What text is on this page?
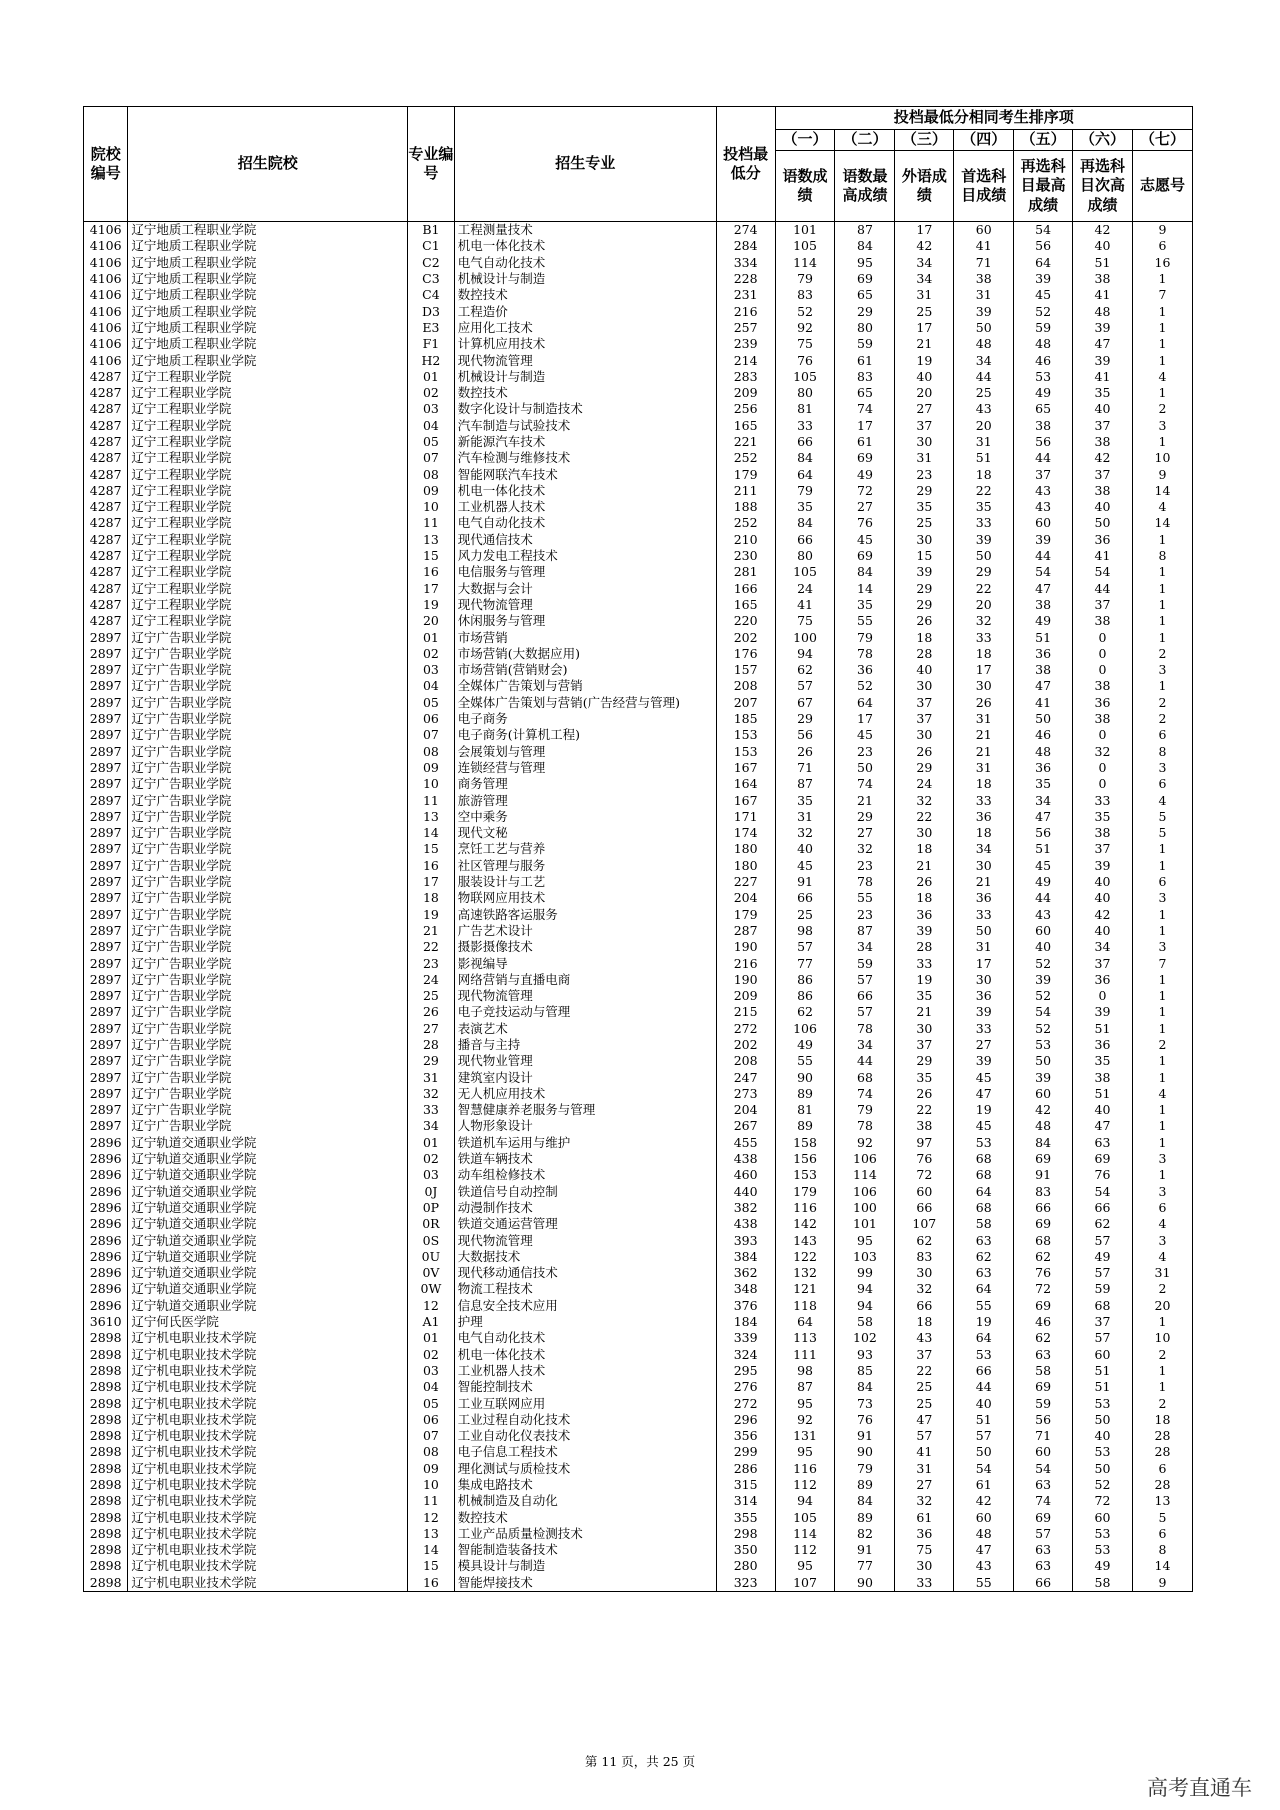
院校编号	招生院校	专业编号	招生专业	投档最低分	投档最低分相同考生排序项						
					（一）	（二）	（三）	（四）	（五）	（六）	（七）
					语数成绩	语数最高成绩	外语成绩	首选科目成绩	再选科目最高成绩	再选科目次高成绩	志愿号
4106	辽宁地质工程职业学院	B1	工程测量技术	274	101	87	17	60	54	42	9
4106	辽宁地质工程职业学院	C1	机电一体化技术	284	105	84	42	41	56	40	6
4106	辽宁地质工程职业学院	C2	电气自动化技术	334	114	95	34	71	64	51	16
4106	辽宁地质工程职业学院	C3	机械设计与制造	228	79	69	34	38	39	38	1
4106	辽宁地质工程职业学院	C4	数控技术	231	83	65	31	31	45	41	7
4106	辽宁地质工程职业学院	D3	工程造价	216	52	29	25	39	52	48	1
4106	辽宁地质工程职业学院	E3	应用化工技术	257	92	80	17	50	59	39	1
4106	辽宁地质工程职业学院	F1	计算机应用技术	239	75	59	21	48	48	47	1
4106	辽宁地质工程职业学院	H2	现代物流管理	214	76	61	19	34	46	39	1
4287	辽宁工程职业学院	01	机械设计与制造	283	105	83	40	44	53	41	4
4287	辽宁工程职业学院	02	数控技术	209	80	65	20	25	49	35	1
4287	辽宁工程职业学院	03	数字化设计与制造技术	256	81	74	27	43	65	40	2
4287	辽宁工程职业学院	04	汽车制造与试验技术	165	33	17	37	20	38	37	3
4287	辽宁工程职业学院	05	新能源汽车技术	221	66	61	30	31	56	38	1
4287	辽宁工程职业学院	07	汽车检测与维修技术	252	84	69	31	51	44	42	10
4287	辽宁工程职业学院	08	智能网联汽车技术	179	64	49	23	18	37	37	9
4287	辽宁工程职业学院	09	机电一体化技术	211	79	72	29	22	43	38	14
4287	辽宁工程职业学院	10	工业机器人技术	188	35	27	35	35	43	40	4
4287	辽宁工程职业学院	11	电气自动化技术	252	84	76	25	33	60	50	14
4287	辽宁工程职业学院	13	现代通信技术	210	66	45	30	39	39	36	1
4287	辽宁工程职业学院	15	风力发电工程技术	230	80	69	15	50	44	41	8
4287	辽宁工程职业学院	16	电信服务与管理	281	105	84	39	29	54	54	1
4287	辽宁工程职业学院	17	大数据与会计	166	24	14	29	22	47	44	1
4287	辽宁工程职业学院	19	现代物流管理	165	41	35	29	20	38	37	1
4287	辽宁工程职业学院	20	休闲服务与管理	220	75	55	26	32	49	38	1
2897	辽宁广告职业学院	01	市场营销	202	100	79	18	33	51	0	1
2897	辽宁广告职业学院	02	市场营销(大数据应用)	176	94	78	28	18	36	0	2
2897	辽宁广告职业学院	03	市场营销(营销财会)	157	62	36	40	17	38	0	3
2897	辽宁广告职业学院	04	全媒体广告策划与营销	208	57	52	30	30	47	38	1
2897	辽宁广告职业学院	05	全媒体广告策划与营销(广告经营与管理)	207	67	64	37	26	41	36	2
2897	辽宁广告职业学院	06	电子商务	185	29	17	37	31	50	38	2
2897	辽宁广告职业学院	07	电子商务(计算机工程)	153	56	45	30	21	46	0	6
2897	辽宁广告职业学院	08	会展策划与管理	153	26	23	26	21	48	32	8
2897	辽宁广告职业学院	09	连锁经营与管理	167	71	50	29	31	36	0	3
2897	辽宁广告职业学院	10	商务管理	164	87	74	24	18	35	0	6
2897	辽宁广告职业学院	11	旅游管理	167	35	21	32	33	34	33	4
2897	辽宁广告职业学院	13	空中乘务	171	31	29	22	36	47	35	5
2897	辽宁广告职业学院	14	现代文秘	174	32	27	30	18	56	38	5
2897	辽宁广告职业学院	15	烹饪工艺与营养	180	40	32	18	34	51	37	1
2897	辽宁广告职业学院	16	社区管理与服务	180	45	23	21	30	45	39	1
2897	辽宁广告职业学院	17	服装设计与工艺	227	91	78	26	21	49	40	6
2897	辽宁广告职业学院	18	物联网应用技术	204	66	55	18	36	44	40	3
2897	辽宁广告职业学院	19	高速铁路客运服务	179	25	23	36	33	43	42	1
2897	辽宁广告职业学院	21	广告艺术设计	287	98	87	39	50	60	40	1
2897	辽宁广告职业学院	22	摄影摄像技术	190	57	34	28	31	40	34	3
2897	辽宁广告职业学院	23	影视编导	216	77	59	33	17	52	37	7
2897	辽宁广告职业学院	24	网络营销与直播电商	190	86	57	19	30	39	36	1
2897	辽宁广告职业学院	25	现代物流管理	209	86	66	35	36	52	0	1
2897	辽宁广告职业学院	26	电子竞技运动与管理	215	62	57	21	39	54	39	1
2897	辽宁广告职业学院	27	表演艺术	272	106	78	30	33	52	51	1
2897	辽宁广告职业学院	28	播音与主持	202	49	34	37	27	53	36	2
2897	辽宁广告职业学院	29	现代物业管理	208	55	44	29	39	50	35	1
2897	辽宁广告职业学院	31	建筑室内设计	247	90	68	35	45	39	38	1
2897	辽宁广告职业学院	32	无人机应用技术	273	89	74	26	47	60	51	4
2897	辽宁广告职业学院	33	智慧健康养老服务与管理	204	81	79	22	19	42	40	1
2897	辽宁广告职业学院	34	人物形象设计	267	89	78	38	45	48	47	1
2896	辽宁轨道交通职业学院	01	铁道机车运用与维护	455	158	92	97	53	84	63	1
2896	辽宁轨道交通职业学院	02	铁道车辆技术	438	156	106	76	68	69	69	3
2896	辽宁轨道交通职业学院	03	动车组检修技术	460	153	114	72	68	91	76	1
2896	辽宁轨道交通职业学院	0J	铁道信号自动控制	440	179	106	60	64	83	54	3
2896	辽宁轨道交通职业学院	0P	动漫制作技术	382	116	100	66	68	66	66	6
2896	辽宁轨道交通职业学院	0R	铁道交通运营管理	438	142	101	107	58	69	62	4
2896	辽宁轨道交通职业学院	0S	现代物流管理	393	143	95	62	63	68	57	3
2896	辽宁轨道交通职业学院	0U	大数据技术	384	122	103	83	62	62	49	4
2896	辽宁轨道交通职业学院	0V	现代移动通信技术	362	132	99	30	63	76	57	31
2896	辽宁轨道交通职业学院	0W	物流工程技术	348	121	94	32	64	72	59	2
2896	辽宁轨道交通职业学院	12	信息安全技术应用	376	118	94	66	55	69	68	20
3610	辽宁何氏医学院	A1	护理	184	64	58	18	19	46	37	1
2898	辽宁机电职业技术学院	01	电气自动化技术	339	113	102	43	64	62	57	10
2898	辽宁机电职业技术学院	02	机电一体化技术	324	111	93	37	53	63	60	2
2898	辽宁机电职业技术学院	03	工业机器人技术	295	98	85	22	66	58	51	1
2898	辽宁机电职业技术学院	04	智能控制技术	276	87	84	25	44	69	51	1
2898	辽宁机电职业技术学院	05	工业互联网应用	272	95	73	25	40	59	53	2
2898	辽宁机电职业技术学院	06	工业过程自动化技术	296	92	76	47	51	56	50	18
2898	辽宁机电职业技术学院	07	工业自动化仪表技术	356	131	91	57	57	71	40	28
2898	辽宁机电职业技术学院	08	电子信息工程技术	299	95	90	41	50	60	53	28
2898	辽宁机电职业技术学院	09	理化测试与质检技术	286	116	79	31	54	54	50	6
2898	辽宁机电职业技术学院	10	集成电路技术	315	112	89	27	61	63	52	28
2898	辽宁机电职业技术学院	11	机械制造及自动化	314	94	84	32	42	74	72	13
2898	辽宁机电职业技术学院	12	数控技术	355	105	89	61	60	69	60	5
2898	辽宁机电职业技术学院	13	工业产品质量检测技术	298	114	82	36	48	57	53	6
2898	辽宁机电职业技术学院	14	智能制造装备技术	350	112	91	75	47	63	53	8
2898	辽宁机电职业技术学院	15	模具设计与制造	280	95	77	30	43	63	49	14
2898	辽宁机电职业技术学院	16	智能焊接技术	323	107	90	33	55	66	58	9
第 11 页，共 25 页
高考直通车
